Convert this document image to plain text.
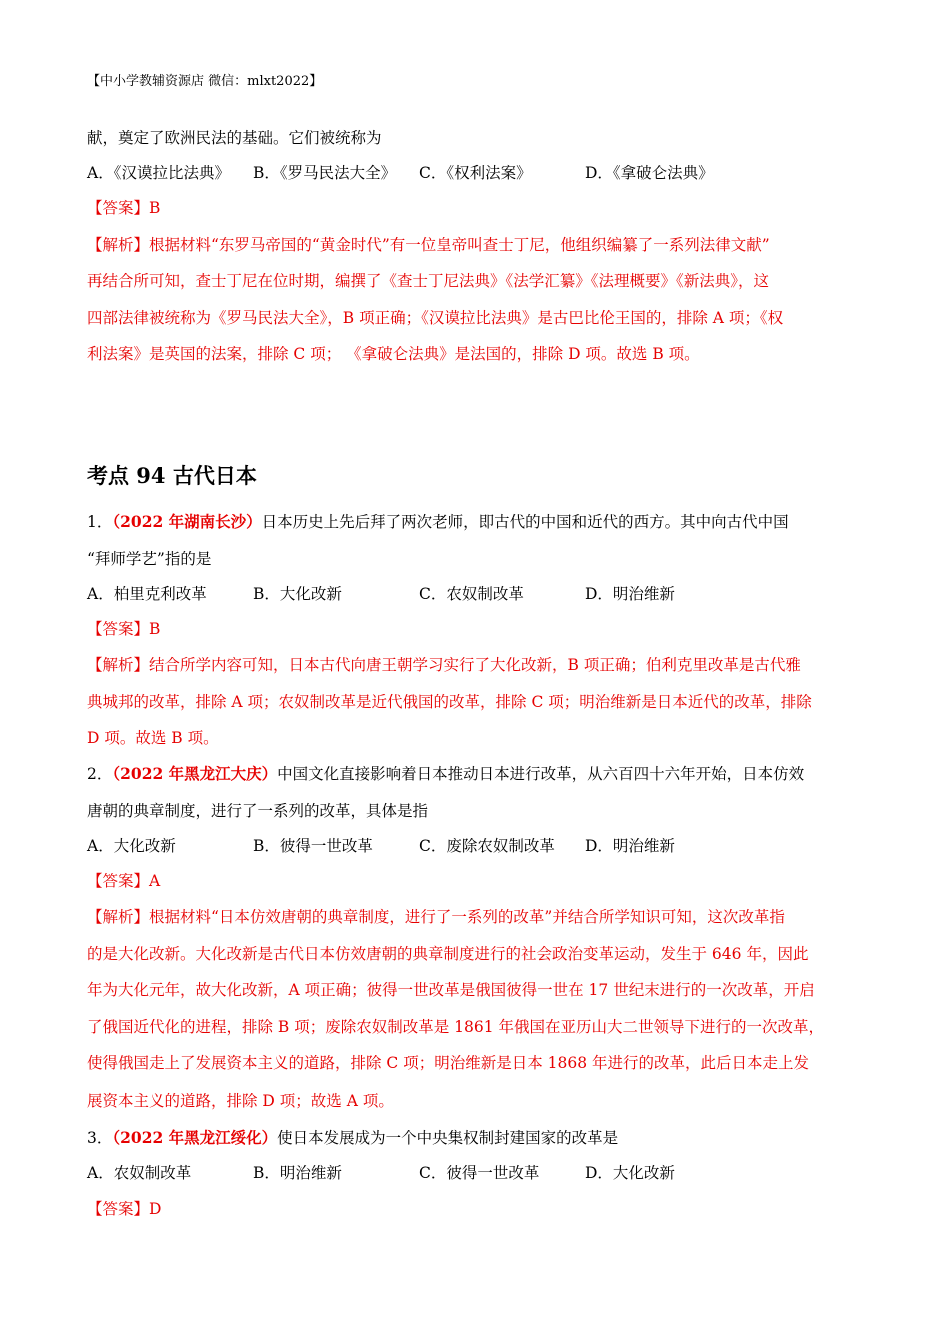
【中小学教辅资源店 微信：mlxt2022】
献，奠定了欧洲民法的基础。它们被统称为
A．《汉谟拉比法典》 B．《罗马民法大全》 C．《权利法案》	D．《拿破仑法典》
【答案】B
【解析】根据材料“东罗马帝国的“黄金时代”有一位皇帝叫查士丁尼，他组织编纂了一系列法律文献”
再结合所可知，查士丁尼在位时期，编撰了《查士丁尼法典》《法学汇纂》《法理概要》《新法典》，这
四部法律被统称为《罗马民法大全》，B 项正确；《汉谟拉比法典》是古巴比伦王国的，排除 A 项；《权
利法案》是英国的法案，排除 C 项； 《拿破仑法典》是法国的，排除 D 项。故选 B 项。
考点 94 古代日本
1．（2022 年湖南长沙）日本历史上先后拜了两次老师，即古代的中国和近代的西方。其中向古代中国
“拜师学艺”指的是
A．柏里克利改革	B．大化改新	C．农奴制改革	D．明治维新
【答案】B
【解析】结合所学内容可知，日本古代向唐王朝学习实行了大化改新，B 项正确；伯利克里改革是古代雅
典城邦的改革，排除 A 项；农奴制改革是近代俄国的改革，排除 C 项；明治维新是日本近代的改革，排除
D 项。故选 B 项。
2．（2022 年黑龙江大庆）中国文化直接影响着日本推动日本进行改革，从六百四十六年开始，日本仿效
唐朝的典章制度，进行了一系列的改革，具体是指
A．大化改新	B．彼得一世改革	C．废除农奴制改革 D．明治维新
【答案】A
【解析】根据材料“日本仿效唐朝的典章制度，进行了一系列的改革”并结合所学知识可知，这次改革指
的是大化改新。大化改新是古代日本仿效唐朝的典章制度进行的社会政治变革运动，发生于 646 年，因此
年为大化元年，故大化改新，A 项正确；彼得一世改革是俄国彼得一世在 17 世纪末进行的一次改革，开启
了俄国近代化的进程，排除 B 项；废除农奴制改革是 1861 年俄国在亚历山大二世领导下进行的一次改革，
使得俄国走上了发展资本主义的道路，排除 C 项；明治维新是日本 1868 年进行的改革，此后日本走上发
展资本主义的道路，排除 D 项；故选 A 项。
3．（2022 年黑龙江绥化）使日本发展成为一个中央集权制封建国家的改革是
A．农奴制改革	B．明治维新	C．彼得一世改革	D．大化改新
【答案】D
